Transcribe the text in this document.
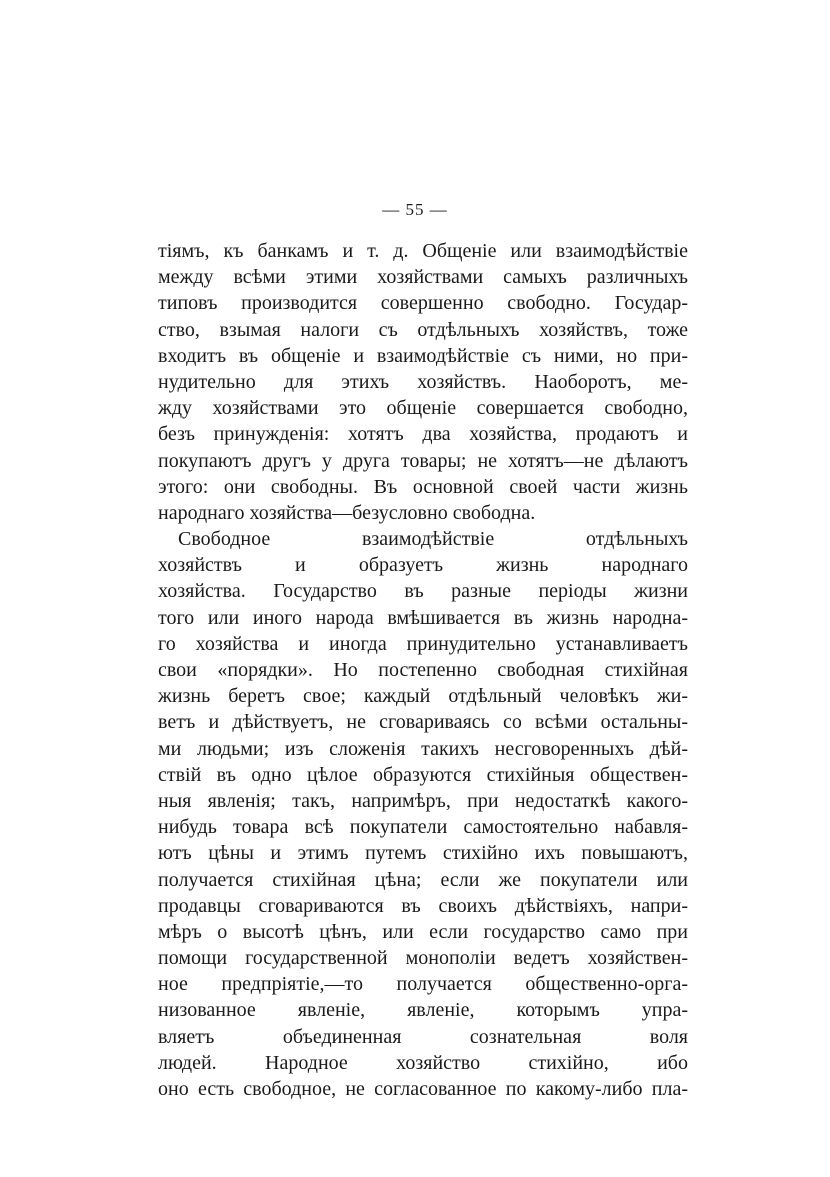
— 55 —
тіямъ, къ банкамъ и т. д. Общеніе или взаимодѣйствіе
между всѣми этими хозяйствами самыхъ различныхъ
типовъ производится совершенно свободно. Государ-
ство, взымая налоги съ отдѣльныхъ хозяйствъ, тоже
входитъ въ общеніе и взаимодѣйствіе съ ними, но при-
нудительно для этихъ хозяйствъ. Наоборотъ, ме-
жду хозяйствами это общеніе совершается свободно,
безъ принужденія: хотятъ два хозяйства, продаютъ и
покупаютъ другъ у друга товары; не хотятъ—не дѣлаютъ
этого: они свободны. Въ основной своей части жизнь
народнаго хозяйства—безусловно свободна.
Свободное взаимодѣйствіе отдѣльныхъ
хозяйствъ и образуетъ жизнь народнаго
хозяйства. Государство въ разные періоды жизни
того или иного народа вмѣшивается въ жизнь народна-
го хозяйства и иногда принудительно устанавливаетъ
свои «порядки». Но постепенно свободная стихійная
жизнь беретъ свое; каждый отдѣльный человѣкъ жи-
ветъ и дѣйствуетъ, не сговариваясь со всѣми остальны-
ми людьми; изъ сложенія такихъ несговоренныхъ дѣй-
ствій въ одно цѣлое образуются стихійныя обществен-
ныя явленія; такъ, напримѣръ, при недостаткѣ какого-
нибудь товара всѣ покупатели самостоятельно набавля-
ютъ цѣны и этимъ путемъ стихійно ихъ повышаютъ,
получается стихійная цѣна; если же покупатели или
продавцы сговариваются въ своихъ дѣйствіяхъ, напри-
мѣръ о высотѣ цѣнъ, или если государство само при
помощи государственной монополіи ведетъ хозяйствен-
ное предпріятіе,—то получается общественно-орга-
низованное явленіе, явленіе, которымъ упра-
вляетъ объединенная сознательная воля
людей. Народное хозяйство стихійно, ибо
оно есть свободное, не согласованное по какому-либо пла-
